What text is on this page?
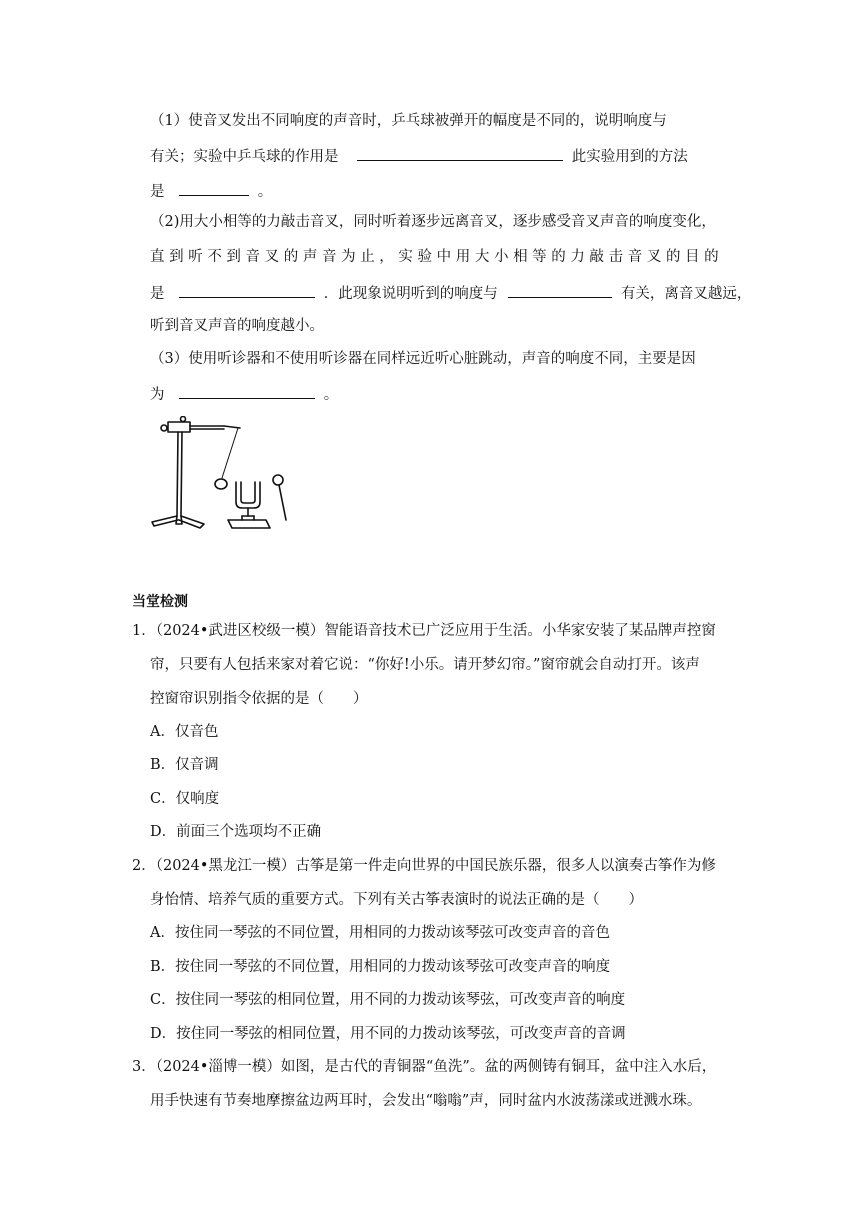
（1）使音叉发出不同响度的声音时，乒乓球被弹开的幅度是不同的，说明响度与
有关；实验中乒乓球的作用是	此实验用到的方法
是	。
（2)用大小相等的力敲击音叉，同时听着逐步远离音叉，逐步感受音叉声音的响度变化，
直 到 听 不 到 音 叉 的 声 音 为 止 ， 实 验 中 用 大 小 相 等 的 力 敲 击 音 叉 的 目 的
是	．此现象说明听到的响度与	有关，离音叉越远，
听到音叉声音的响度越小。
（3）使用听诊器和不使用听诊器在同样远近听心脏跳动，声音的响度不同，主要是因
为	。
当堂检测
1．（2024•武进区校级一模）智能语音技术已广泛应用于生活。小华家安装了某品牌声控窗
帘，只要有人包括来家对着它说：“你好!小乐。请开梦幻帘。”窗帘就会自动打开。该声
控窗帘识别指令依据的是（　　）
A．仅音色
B．仅音调
C．仅响度
D．前面三个选项均不正确
2．（2024•黑龙江一模）古筝是第一件走向世界的中国民族乐器，很多人以演奏古筝作为修
身怡情、培养气质的重要方式。下列有关古筝表演时的说法正确的是（　　）
A．按住同一琴弦的不同位置，用相同的力拨动该琴弦可改变声音的音色
B．按住同一琴弦的不同位置，用相同的力拨动该琴弦可改变声音的响度
C．按住同一琴弦的相同位置，用不同的力拨动该琴弦，可改变声音的响度
D．按住同一琴弦的相同位置，用不同的力拨动该琴弦，可改变声音的音调
3．（2024•淄博一模）如图，是古代的青铜器“鱼洗”。盆的两侧铸有铜耳，盆中注入水后，
用手快速有节奏地摩擦盆边两耳时，会发出“嗡嗡”声，同时盆内水波荡漾或迸溅水珠。
